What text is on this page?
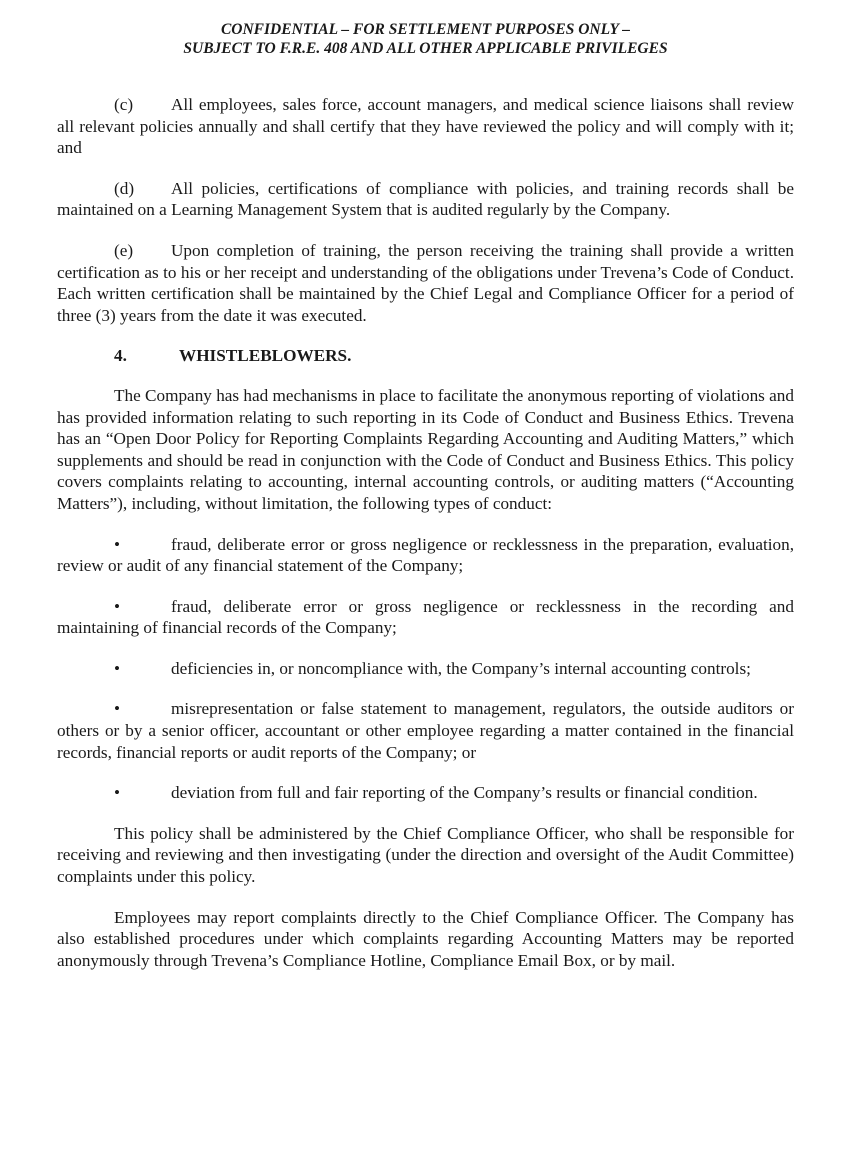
CONFIDENTIAL – FOR SETTLEMENT PURPOSES ONLY –
SUBJECT TO F.R.E. 408 AND ALL OTHER APPLICABLE PRIVILEGES

(c) All employees, sales force, account managers, and medical science liaisons shall review all relevant policies annually and shall certify that they have reviewed the policy and will comply with it; and

(d) All policies, certifications of compliance with policies, and training records shall be maintained on a Learning Management System that is audited regularly by the Company.

(e) Upon completion of training, the person receiving the training shall provide a written certification as to his or her receipt and understanding of the obligations under Trevena’s Code of Conduct. Each written certification shall be maintained by the Chief Legal and Compliance Officer for a period of three (3) years from the date it was executed.

4.	WHISTLEBLOWERS.

The Company has had mechanisms in place to facilitate the anonymous reporting of violations and has provided information relating to such reporting in its Code of Conduct and Business Ethics. Trevena has an “Open Door Policy for Reporting Complaints Regarding Accounting and Auditing Matters,” which supplements and should be read in conjunction with the Code of Conduct and Business Ethics. This policy covers complaints relating to accounting, internal accounting controls, or auditing matters (“Accounting Matters”), including, without limitation, the following types of conduct:

•	fraud, deliberate error or gross negligence or recklessness in the preparation, evaluation, review or audit of any financial statement of the Company;

•	fraud, deliberate error or gross negligence or recklessness in the recording and maintaining of financial records of the Company;

•	deficiencies in, or noncompliance with, the Company’s internal accounting controls;

•	misrepresentation or false statement to management, regulators, the outside auditors or others or by a senior officer, accountant or other employee regarding a matter contained in the financial records, financial reports or audit reports of the Company; or

•	deviation from full and fair reporting of the Company’s results or financial condition.

This policy shall be administered by the Chief Compliance Officer, who shall be responsible for receiving and reviewing and then investigating (under the direction and oversight of the Audit Committee) complaints under this policy.

Employees may report complaints directly to the Chief Compliance Officer. The Company has also established procedures under which complaints regarding Accounting Matters may be reported anonymously through Trevena’s Compliance Hotline, Compliance Email Box, or by mail.
